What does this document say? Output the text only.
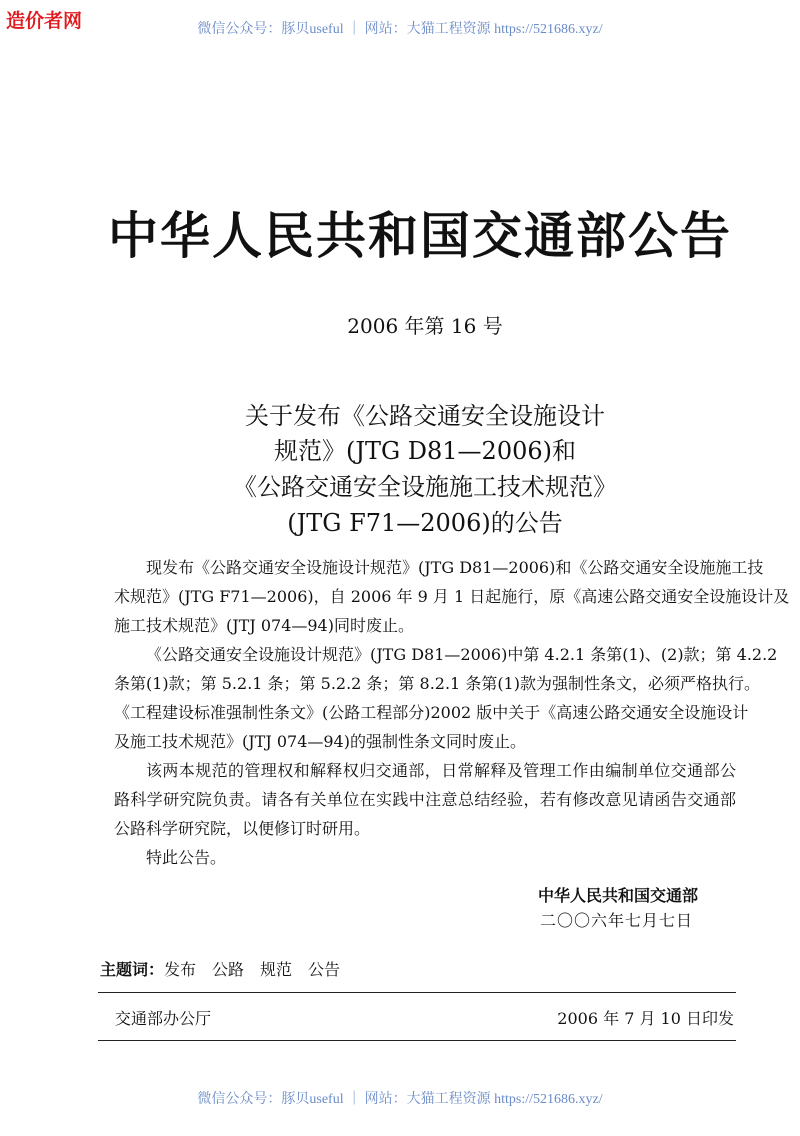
造价者网	微信公众号：豚贝useful ｜ 网站：大猫工程资源 https://521686.xyz/
中华人民共和国交通部公告
2006 年第 16 号
关于发布《公路交通安全设施设计
规范》(JTG D81—2006)和
《公路交通安全设施施工技术规范》
(JTG F71—2006)的公告
现发布《公路交通安全设施设计规范》(JTG D81—2006)和《公路交通安全设施施工技
术规范》(JTG F71—2006)，自 2006 年 9 月 1 日起施行，原《高速公路交通安全设施设计及
施工技术规范》(JTJ 074—94)同时废止。
《公路交通安全设施设计规范》(JTG D81—2006)中第 4.2.1 条第(1)、(2)款；第 4.2.2
条第(1)款；第 5.2.1 条；第 5.2.2 条；第 8.2.1 条第(1)款为强制性条文，必须严格执行。
《工程建设标准强制性条文》(公路工程部分)2002 版中关于《高速公路交通安全设施设计
及施工技术规范》(JTJ 074—94)的强制性条文同时废止。
该两本规范的管理权和解释权归交通部，日常解释及管理工作由编制单位交通部公
路科学研究院负责。请各有关单位在实践中注意总结经验，若有修改意见请函告交通部
公路科学研究院，以便修订时研用。
特此公告。
中华人民共和国交通部
二〇〇六年七月七日
主题词：发布　公路　规范　公告
交通部办公厅	2006 年 7 月 10 日印发
微信公众号：豚贝useful ｜ 网站：大猫工程资源 https://521686.xyz/
